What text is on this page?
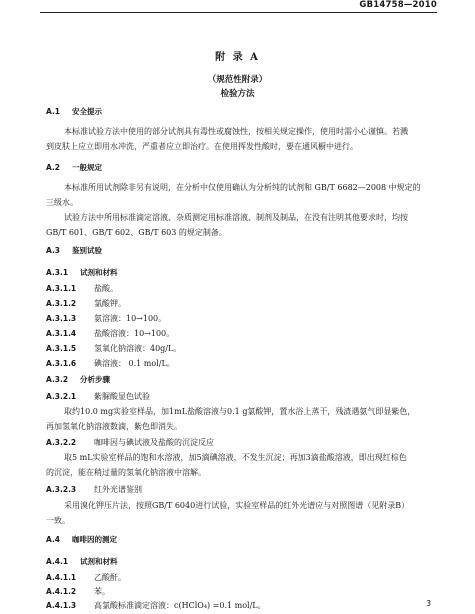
GB14758—2010
附 录 A
（规范性附录）
检验方法
A.1 安全提示
本标准试验方法中使用的部分试剂具有毒性或腐蚀性，按相关规定操作，使用时需小心谨慎。若溅
到皮肤上应立即用水冲洗，严重者应立即治疗。在使用挥发性酸时，要在通风橱中进行。
A.2 一般规定
本标准所用试剂除非另有说明，在分析中仅使用确认为分析纯的试剂和 GB/T 6682—2008 中规定的
三级水。
试验方法中所用标准滴定溶液、杂质测定用标准溶液、制剂及制品，在没有注明其他要求时，均按
GB/T 601、GB/T 602、GB/T 603 的规定制备。
A.3 鉴别试验
A.3.1 试剂和材料
A.3.1.1 盐酸。
A.3.1.2 氯酸钾。
A.3.1.3 氨溶液：10→100。
A.3.1.4 盐酸溶液：10→100。
A.3.1.5 氢氧化钠溶液：40g/L。
A.3.1.6 碘溶液： 0.1 mol/L。
A.3.2 分析步骤
A.3.2.1 紫脲酸显色试验
取约10.0 mg实验室样品，加1mL盐酸溶液与0.1 g氯酸钾，置水浴上蒸干，残渣遇氨气即显紫色，
再加氢氧化钠溶液数滴，紫色即消失。
A.3.2.2 咖啡因与碘试液及盐酸的沉淀反应
取5 mL实验室样品的饱和水溶液，加5滴碘溶液，不发生沉淀；再加3滴盐酸溶液，即出现红棕色
的沉淀，能在稍过量的氢氧化钠溶液中溶解。
A.3.2.3 红外光谱鉴别
采用溴化钾压片法，按照GB/T 6040进行试验，实验室样品的红外光谱应与对照图谱（见附录B）
一致。
A.4 咖啡因的测定
A.4.1 试剂和材料
A.4.1.1 乙酸酐。
A.4.1.2 苯。
A.4.1.3 高氯酸标准滴定溶液：c(HClO₄) =0.1 mol/L。	3
